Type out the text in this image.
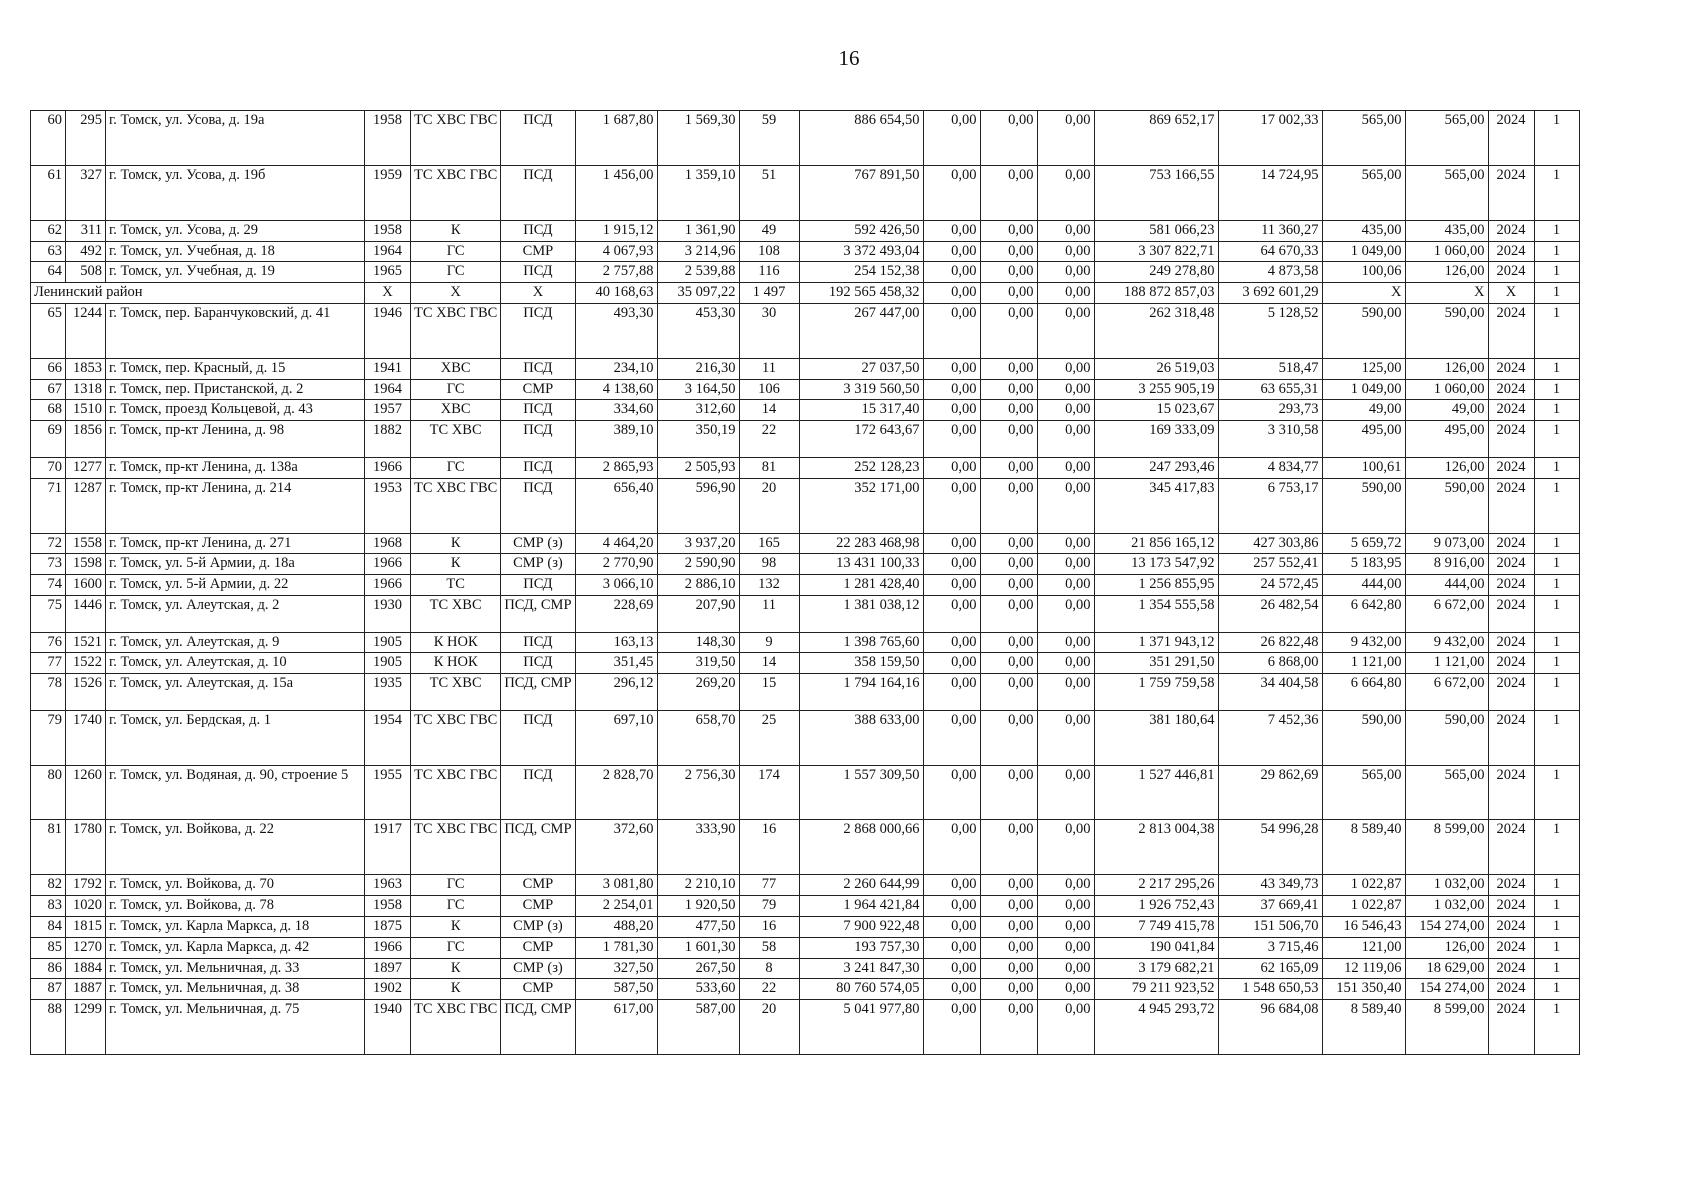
16
60	295	г. Томск, ул. Усова, д. 19а	1958	ТС ХВС ГВС	ПСД	1 687,80	1 569,30	59	886 654,50	0,00	0,00	0,00	869 652,17	17 002,33	565,00	565,00	2024	1
61	327	г. Томск, ул. Усова, д. 19б	1959	ТС ХВС ГВС	ПСД	1 456,00	1 359,10	51	767 891,50	0,00	0,00	0,00	753 166,55	14 724,95	565,00	565,00	2024	1
62	311	г. Томск, ул. Усова, д. 29	1958	К	ПСД	1 915,12	1 361,90	49	592 426,50	0,00	0,00	0,00	581 066,23	11 360,27	435,00	435,00	2024	1
63	492	г. Томск, ул. Учебная, д. 18	1964	ГС	СМР	4 067,93	3 214,96	108	3 372 493,04	0,00	0,00	0,00	3 307 822,71	64 670,33	1 049,00	1 060,00	2024	1
64	508	г. Томск, ул. Учебная, д. 19	1965	ГС	ПСД	2 757,88	2 539,88	116	254 152,38	0,00	0,00	0,00	249 278,80	4 873,58	100,06	126,00	2024	1
Ленинский район			X	X	X	40 168,63	35 097,22	1 497	192 565 458,32	0,00	0,00	0,00	188 872 857,03	3 692 601,29	X	X	X	1
65	1244	г. Томск, пер. Баранчуковский, д. 41	1946	ТС ХВС ГВС	ПСД	493,30	453,30	30	267 447,00	0,00	0,00	0,00	262 318,48	5 128,52	590,00	590,00	2024	1
66	1853	г. Томск, пер. Красный, д. 15	1941	ХВС	ПСД	234,10	216,30	11	27 037,50	0,00	0,00	0,00	26 519,03	518,47	125,00	126,00	2024	1
67	1318	г. Томск, пер. Пристанской, д. 2	1964	ГС	СМР	4 138,60	3 164,50	106	3 319 560,50	0,00	0,00	0,00	3 255 905,19	63 655,31	1 049,00	1 060,00	2024	1
68	1510	г. Томск, проезд Кольцевой, д. 43	1957	ХВС	ПСД	334,60	312,60	14	15 317,40	0,00	0,00	0,00	15 023,67	293,73	49,00	49,00	2024	1
69	1856	г. Томск, пр-кт Ленина, д. 98	1882	ТС ХВС	ПСД	389,10	350,19	22	172 643,67	0,00	0,00	0,00	169 333,09	3 310,58	495,00	495,00	2024	1
70	1277	г. Томск, пр-кт Ленина, д. 138а	1966	ГС	ПСД	2 865,93	2 505,93	81	252 128,23	0,00	0,00	0,00	247 293,46	4 834,77	100,61	126,00	2024	1
71	1287	г. Томск, пр-кт Ленина, д. 214	1953	ТС ХВС ГВС	ПСД	656,40	596,90	20	352 171,00	0,00	0,00	0,00	345 417,83	6 753,17	590,00	590,00	2024	1
72	1558	г. Томск, пр-кт Ленина, д. 271	1968	К	СМР (з)	4 464,20	3 937,20	165	22 283 468,98	0,00	0,00	0,00	21 856 165,12	427 303,86	5 659,72	9 073,00	2024	1
73	1598	г. Томск, ул. 5-й Армии, д. 18а	1966	К	СМР (з)	2 770,90	2 590,90	98	13 431 100,33	0,00	0,00	0,00	13 173 547,92	257 552,41	5 183,95	8 916,00	2024	1
74	1600	г. Томск, ул. 5-й Армии, д. 22	1966	ТС	ПСД	3 066,10	2 886,10	132	1 281 428,40	0,00	0,00	0,00	1 256 855,95	24 572,45	444,00	444,00	2024	1
75	1446	г. Томск, ул. Алеутская, д. 2	1930	ТС ХВС	ПСД, СМР	228,69	207,90	11	1 381 038,12	0,00	0,00	0,00	1 354 555,58	26 482,54	6 642,80	6 672,00	2024	1
76	1521	г. Томск, ул. Алеутская, д. 9	1905	К НОК	ПСД	163,13	148,30	9	1 398 765,60	0,00	0,00	0,00	1 371 943,12	26 822,48	9 432,00	9 432,00	2024	1
77	1522	г. Томск, ул. Алеутская, д. 10	1905	К НОК	ПСД	351,45	319,50	14	358 159,50	0,00	0,00	0,00	351 291,50	6 868,00	1 121,00	1 121,00	2024	1
78	1526	г. Томск, ул. Алеутская, д. 15а	1935	ТС ХВС	ПСД, СМР	296,12	269,20	15	1 794 164,16	0,00	0,00	0,00	1 759 759,58	34 404,58	6 664,80	6 672,00	2024	1
79	1740	г. Томск, ул. Бердская, д. 1	1954	ТС ХВС ГВС	ПСД	697,10	658,70	25	388 633,00	0,00	0,00	0,00	381 180,64	7 452,36	590,00	590,00	2024	1
80	1260	г. Томск, ул. Водяная, д. 90, строение 5	1955	ТС ХВС ГВС	ПСД	2 828,70	2 756,30	174	1 557 309,50	0,00	0,00	0,00	1 527 446,81	29 862,69	565,00	565,00	2024	1
81	1780	г. Томск, ул. Войкова, д. 22	1917	ТС ХВС ГВС	ПСД, СМР	372,60	333,90	16	2 868 000,66	0,00	0,00	0,00	2 813 004,38	54 996,28	8 589,40	8 599,00	2024	1
82	1792	г. Томск, ул. Войкова, д. 70	1963	ГС	СМР	3 081,80	2 210,10	77	2 260 644,99	0,00	0,00	0,00	2 217 295,26	43 349,73	1 022,87	1 032,00	2024	1
83	1020	г. Томск, ул. Войкова, д. 78	1958	ГС	СМР	2 254,01	1 920,50	79	1 964 421,84	0,00	0,00	0,00	1 926 752,43	37 669,41	1 022,87	1 032,00	2024	1
84	1815	г. Томск, ул. Карла Маркса, д. 18	1875	К	СМР (з)	488,20	477,50	16	7 900 922,48	0,00	0,00	0,00	7 749 415,78	151 506,70	16 546,43	154 274,00	2024	1
85	1270	г. Томск, ул. Карла Маркса, д. 42	1966	ГС	СМР	1 781,30	1 601,30	58	193 757,30	0,00	0,00	0,00	190 041,84	3 715,46	121,00	126,00	2024	1
86	1884	г. Томск, ул. Мельничная, д. 33	1897	К	СМР (з)	327,50	267,50	8	3 241 847,30	0,00	0,00	0,00	3 179 682,21	62 165,09	12 119,06	18 629,00	2024	1
87	1887	г. Томск, ул. Мельничная, д. 38	1902	К	СМР	587,50	533,60	22	80 760 574,05	0,00	0,00	0,00	79 211 923,52	1 548 650,53	151 350,40	154 274,00	2024	1
88	1299	г. Томск, ул. Мельничная, д. 75	1940	ТС ХВС ГВС	ПСД, СМР	617,00	587,00	20	5 041 977,80	0,00	0,00	0,00	4 945 293,72	96 684,08	8 589,40	8 599,00	2024	1
